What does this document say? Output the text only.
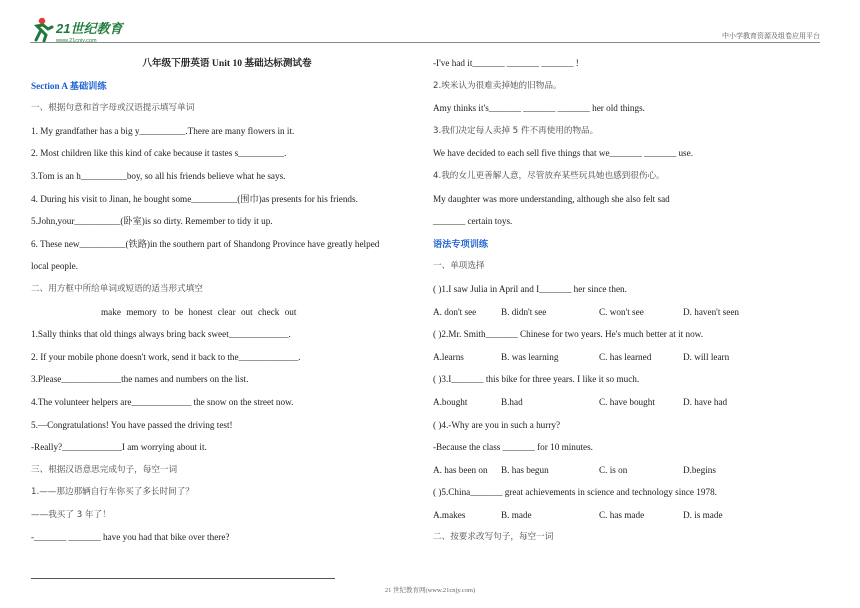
21世纪教育
www.21cnjy.com
中小学教育资源及组卷应用平台
八年级下册英语 Unit 10 基础达标测试卷
Section A 基础训练
一、根据句意和首字母或汉语提示填写单词
1. My grandfather has a big y__________.There are many flowers in it.
2. Most children like this kind of cake because it tastes s__________.
3.Tom is an h__________boy, so all his friends believe what he says.
4. During his visit to Jinan, he bought some__________(围巾)as presents for his friends.
5.John,your__________(卧室)is so dirty. Remember to tidy it up.
6. These new__________(铁路)in the southern part of Shandong Province have greatly helped
local people.
二、用方框中所给单词或短语的适当形式填空
make memory to be honest clear out check out
1.Sally thinks that old things always bring back sweet_____________.
2. If your mobile phone doesn't work, send it back to the_____________.
3.Please_____________the names and numbers on the list.
4.The volunteer helpers are_____________ the snow on the street now.
5.—Congratulations! You have passed the driving test!
-Really?_____________I am worrying about it.
三、根据汉语意思完成句子，每空一词
1.——那边那辆自行车你买了多长时间了？
——我买了 3 年了！
-_______ _______ have you had that bike over there?
-I've had it_______ _______ _______ !
2.埃米认为很难卖掉她的旧物品。
Amy thinks it's_______ _______ _______ her old things.
3.我们决定每人卖掉 5 件不再使用的物品。
We have decided to each sell five things that we_______ _______ use.
4.我的女儿更善解人意，尽管放弃某些玩具她也感到很伤心。
My daughter was more understanding, although she also felt sad
_______ certain toys.
语法专项训练
一、单项选择
( )1.I saw Julia in April and I_______ her since then.
A. don't see	B. didn't see	C. won't see	D. haven't seen
( )2.Mr. Smith_______ Chinese for two years. He's much better at it now.
A.learns	B. was learning	C. has learned	D. will learn
( )3.I_______ this bike for three years. I like it so much.
A.bought	B.had	C. have bought	D. have had
( )4.-Why are you in such a hurry?
-Because the class _______ for 10 minutes.
A. has been on B. has begun	C. is on	D.begins
( )5.China_______ great achievements in science and technology since 1978.
A.makes	B. made	C. has made	D. is made
二、按要求改写句子，每空一词
21 世纪教育网(www.21cnjy.com)
